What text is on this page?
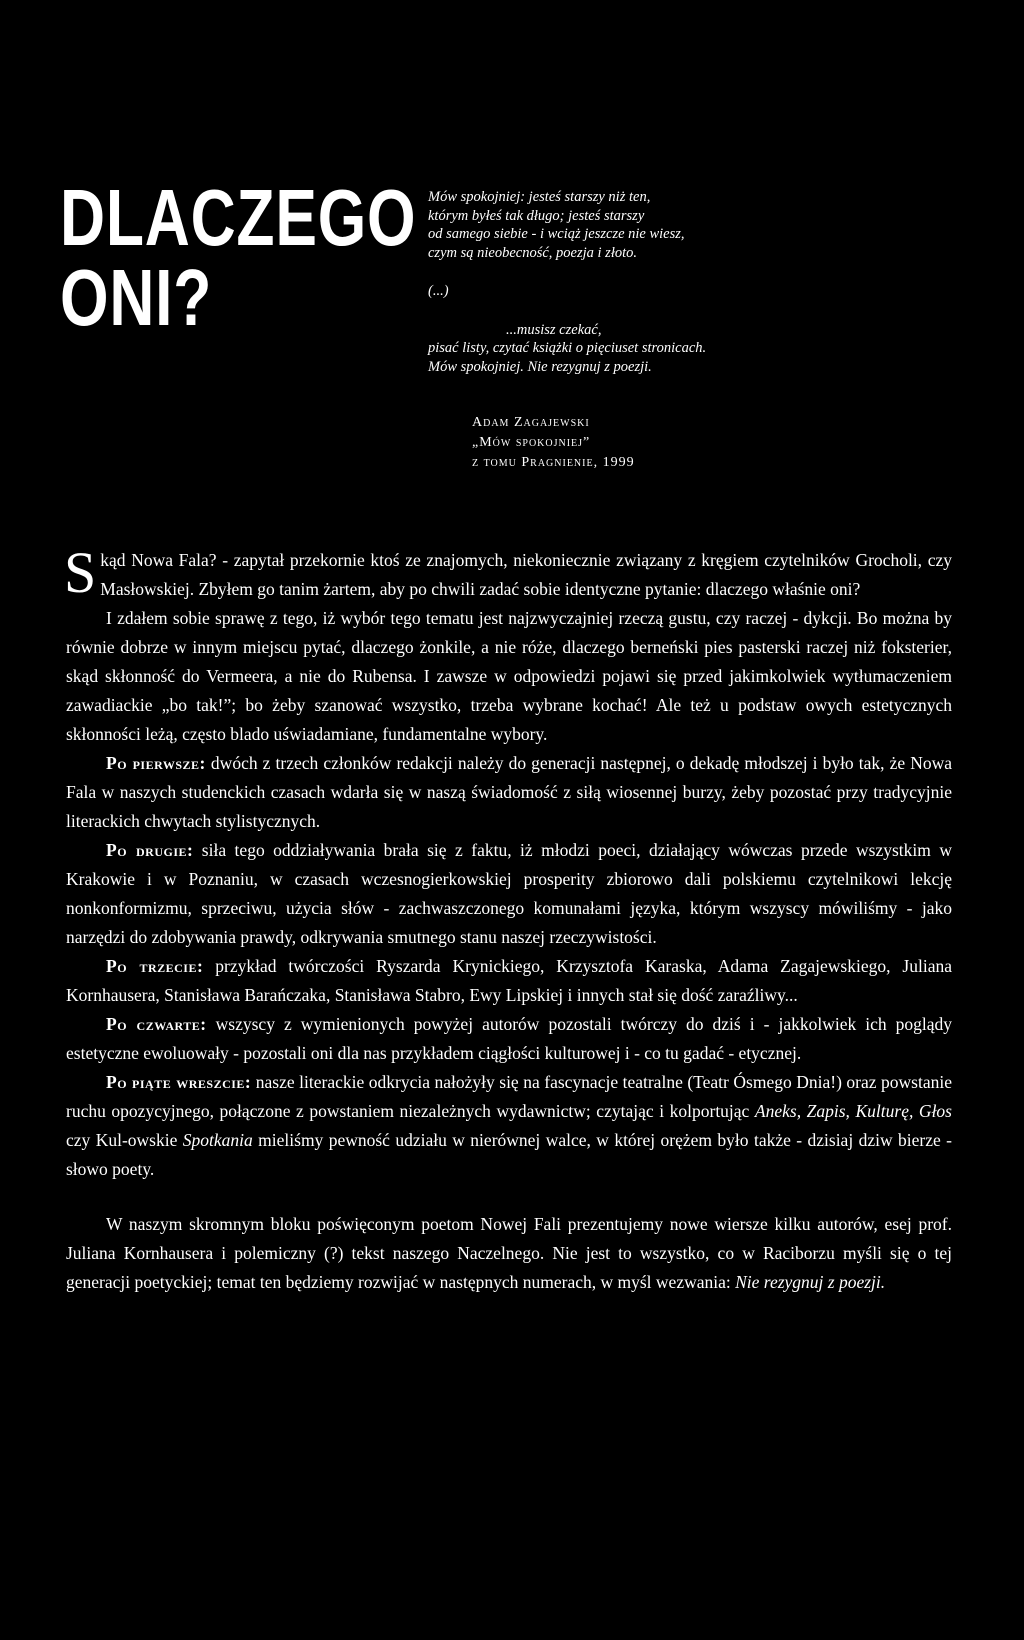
DLACZEGO
ONI?
Mów spokojniej: jesteś starszy niż ten,
którym byłeś tak długo; jesteś starszy
od samego siebie - i wciąż jeszcze nie wiesz,
czym są nieobecność, poezja i złoto.
(...)
...musisz czekać,
pisać listy, czytać książki o pięciuset stronicach.
Mów spokojniej. Nie rezygnuj z poezji.
Adam Zagajewski
„Mów spokojniej”
z tomu Pragnienie, 1999

Skąd Nowa Fala? - zapytał przekornie ktoś ze znajomych, niekoniecznie związany z kręgiem czytelników Grocholi, czy Masłowskiej. Zbyłem go tanim żartem, aby po chwili zadać sobie identyczne pytanie: dlaczego właśnie oni?

I zdałem sobie sprawę z tego, iż wybór tego tematu jest najzwyczajniej rzeczą gustu, czy raczej - dykcji. Bo można by równie dobrze w innym miejscu pytać, dlaczego żonkile, a nie róże, dlaczego berneński pies pasterski raczej niż foksterier, skąd skłonność do Vermeera, a nie do Rubensa. I zawsze w odpowiedzi pojawi się przed jakimkolwiek wytłumaczeniem zawadiackie „bo tak!”; bo żeby szanować wszystko, trzeba wybrane kochać! Ale też u podstaw owych estetycznych skłonności leżą, często blado uświadamiane, fundamentalne wybory.

Po pierwsze: dwóch z trzech członków redakcji należy do generacji następnej, o dekadę młodszej i było tak, że Nowa Fala w naszych studenckich czasach wdarła się w naszą świadomość z siłą wiosennej burzy, żeby pozostać przy tradycyjnie literackich chwytach stylistycznych.

Po drugie: siła tego oddziaływania brała się z faktu, iż młodzi poeci, działający wówczas przede wszystkim w Krakowie i w Poznaniu, w czasach wczesnogierkowskiej prosperity zbiorowo dali polskiemu czytelnikowi lekcję nonkonformizmu, sprzeciwu, użycia słów - zachwaszczonego komunałami języka, którym wszyscy mówiliśmy - jako narzędzi do zdobywania prawdy, odkrywania smutnego stanu naszej rzeczywistości.

Po trzecie: przykład twórczości Ryszarda Krynickiego, Krzysztofa Karaska, Adama Zagajewskiego, Juliana Kornhausera, Stanisława Barańczaka, Stanisława Stabro, Ewy Lipskiej i innych stał się dość zaraźliwy...

Po czwarte: wszyscy z wymienionych powyżej autorów pozostali twórczy do dziś i - jakkolwiek ich poglądy estetyczne ewoluowały - pozostali oni dla nas przykładem ciągłości kulturowej i - co tu gadać - etycznej.

Po piąte wreszcie: nasze literackie odkrycia nałożyły się na fascynacje teatralne (Teatr Ósmego Dnia!) oraz powstanie ruchu opozycyjnego, połączone z powstaniem niezależnych wydawnictw; czytając i kolportując Aneks, Zapis, Kulturę, Głos czy Kul-owskie Spotkania mieliśmy pewność udziału w nierównej walce, w której orężem było także - dzisiaj dziw bierze - słowo poety.

W naszym skromnym bloku poświęconym poetom Nowej Fali prezentujemy nowe wiersze kilku autorów, esej prof. Juliana Kornhausera i polemiczny (?) tekst naszego Naczelnego. Nie jest to wszystko, co w Raciborzu myśli się o tej generacji poetyckiej; temat ten będziemy rozwijać w następnych numerach, w myśl wezwania: Nie rezygnuj z poezji.
